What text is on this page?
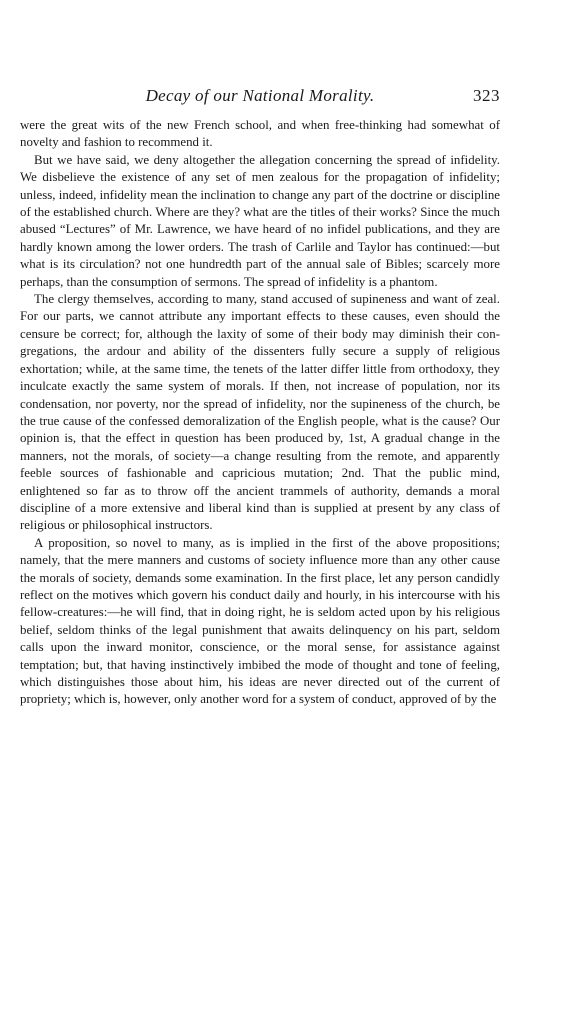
Decay of our National Morality.	323

were the great wits of the new French school, and when free-thinking had somewhat of novelty and fashion to recommend it.

But we have said, we deny altogether the allegation concerning the spread of infidelity. We disbelieve the existence of any set of men zealous for the propagation of infidelity; unless, indeed, infidelity mean the inclination to change any part of the doctrine or discipline of the established church. Where are they? what are the titles of their works? Since the much abused “Lectures” of Mr. Lawrence, we have heard of no infidel publications, and they are hardly known among the lower orders. The trash of Carlile and Taylor has continued:—but what is its circulation? not one hundredth part of the annual sale of Bibles; scarcely more perhaps, than the consumption of sermons. The spread of infidelity is a phantom.

The clergy themselves, according to many, stand accused of supineness and want of zeal. For our parts, we cannot attribute any important effects to these causes, even should the censure be correct; for, although the laxity of some of their body may diminish their congregations, the ardour and ability of the dissenters fully secure a supply of religious exhortation; while, at the same time, the tenets of the latter differ little from orthodoxy, they inculcate exactly the same system of morals. If then, not increase of population, nor its condensation, nor poverty, nor the spread of infidelity, nor the supineness of the church, be the true cause of the confessed demoralization of the English people, what is the cause? Our opinion is, that the effect in question has been produced by, 1st, A gradual change in the manners, not the morals, of society—a change resulting from the remote, and apparently feeble sources of fashionable and capricious mutation; 2nd. That the public mind, enlightened so far as to throw off the ancient trammels of authority, demands a moral discipline of a more extensive and liberal kind than is supplied at present by any class of religious or philosophical instructors.

A proposition, so novel to many, as is implied in the first of the above propositions; namely, that the mere manners and customs of society influence more than any other cause the morals of society, demands some examination. In the first place, let any person candidly reflect on the motives which govern his conduct daily and hourly, in his intercourse with his fellow-creatures:—he will find, that in doing right, he is seldom acted upon by his religious belief, seldom thinks of the legal punishment that awaits delinquency on his part, seldom calls upon the inward monitor, conscience, or the moral sense, for assistance against temptation; but, that having instinctively imbibed the mode of thought and tone of feeling, which distinguishes those about him, his ideas are never directed out of the current of propriety; which is, however, only another word for a system of conduct, approved of by the
